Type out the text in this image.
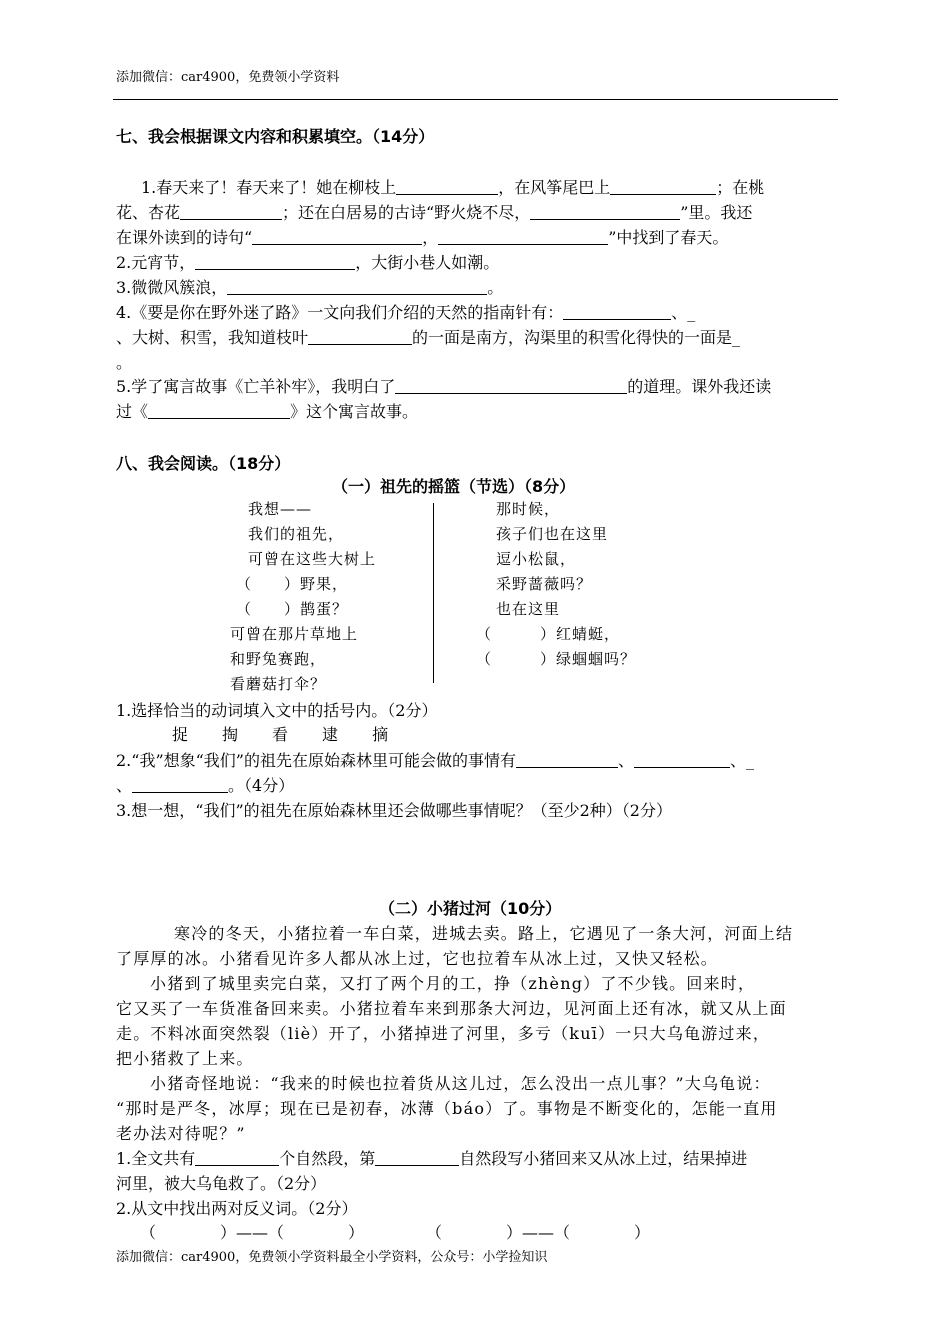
添加微信：car4900，免费领小学资料
七、我会根据课文内容和积累填空。（14分）
1.春天来了！春天来了！她在柳枝上	，在风筝尾巴上	；在桃
花、杏花	；还在白居易的古诗“野火烧不尽，	”里。我还
在课外读到的诗句“	，	”中找到了春天。
2.元宵节，	，大街小巷人如潮。
3.微微风簇浪，	。
4.《要是你在野外迷了路》一文向我们介绍的天然的指南针有：	、_
、大树、积雪，我知道枝叶	的一面是南方，沟渠里的积雪化得快的一面是_
。
5.学了寓言故事《亡羊补牢》，我明白了	的道理。课外我还读
过《	》这个寓言故事。
八、我会阅读。（18分）
（一）祖先的摇篮（节选）（8分）
我想——
我们的祖先，
可曾在这些大树上
（　　）野果，
（　　）鹊蛋？
可曾在那片草地上
和野兔赛跑，
看蘑菇打伞？
那时候，
孩子们也在这里
逗小松鼠，
采野蔷薇吗？
也在这里
（　　　）红蜻蜓，
（　　　）绿蝈蝈吗？
1.选择恰当的动词填入文中的括号内。（2分）
捉 掏 看 逮 摘
2.“我”想象“我们”的祖先在原始森林里可能会做的事情有	、	、_
、	。（4分）
3.想一想，“我们”的祖先在原始森林里还会做哪些事情呢？（至少2种）（2分）
（二）小猪过河（10分）
寒冷的冬天，小猪拉着一车白菜，进城去卖。路上，它遇见了一条大河，河面上结
了厚厚的冰。小猪看见许多人都从冰上过，它也拉着车从冰上过，又快又轻松。
小猪到了城里卖完白菜，又打了两个月的工，挣（zhèng）了不少钱。回来时，
它又买了一车货准备回来卖。小猪拉着车来到那条大河边，见河面上还有冰，就又从上面
走。不料冰面突然裂（liè）开了，小猪掉进了河里，多亏（kuī）一只大乌龟游过来，
把小猪救了上来。
小猪奇怪地说：“我来的时候也拉着货从这儿过，怎么没出一点儿事？”大乌龟说：
“那时是严冬，冰厚；现在已是初春，冰薄（báo）了。事物是不断变化的，怎能一直用
老办法对待呢？”
1.全文共有	个自然段，第	自然段写小猪回来又从冰上过，结果掉进
河里，被大乌龟救了。（2分）
2.从文中找出两对反义词。（2分）
（　　　　）——（　　　　）	（　　　　）——（　　　　）
添加微信：car4900，免费领小学资料最全小学资料，公众号：小学捡知识
